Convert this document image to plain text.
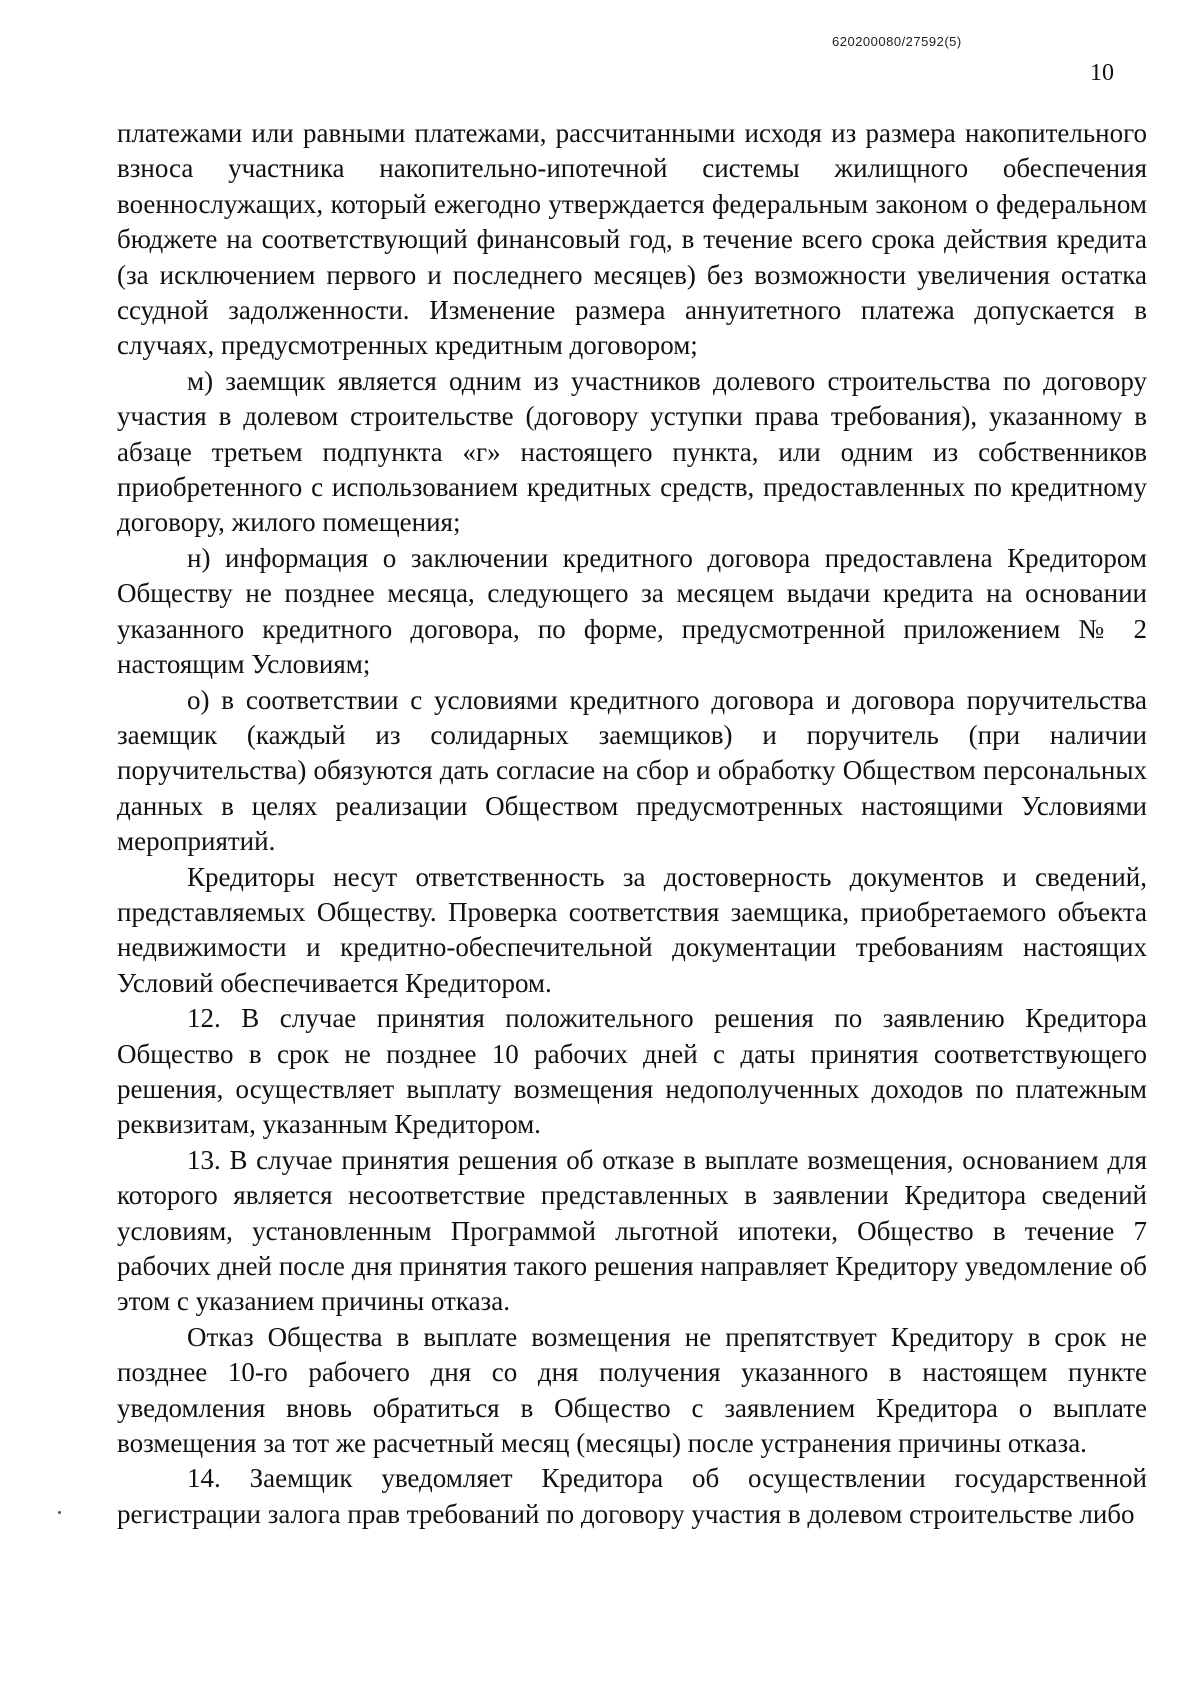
620200080/27592(5)
10

платежами или равными платежами, рассчитанными исходя из размера накопительного взноса участника накопительно-ипотечной системы жилищного обеспечения военнослужащих, который ежегодно утверждается федеральным законом о федеральном бюджете на соответствующий финансовый год, в течение всего срока действия кредита (за исключением первого и последнего месяцев) без возможности увеличения остатка ссудной задолженности. Изменение размера аннуитетного платежа допускается в случаях, предусмотренных кредитным договором;

м) заемщик является одним из участников долевого строительства по договору участия в долевом строительстве (договору уступки права требования), указанному в абзаце третьем подпункта «г» настоящего пункта, или одним из собственников приобретенного с использованием кредитных средств, предоставленных по кредитному договору, жилого помещения;

н) информация о заключении кредитного договора предоставлена Кредитором Обществу не позднее месяца, следующего за месяцем выдачи кредита на основании указанного кредитного договора, по форме, предусмотренной приложением № 2 настоящим Условиям;

о) в соответствии с условиями кредитного договора и договора поручительства заемщик (каждый из солидарных заемщиков) и поручитель (при наличии поручительства) обязуются дать согласие на сбор и обработку Обществом персональных данных в целях реализации Обществом предусмотренных настоящими Условиями мероприятий.

Кредиторы несут ответственность за достоверность документов и сведений, представляемых Обществу. Проверка соответствия заемщика, приобретаемого объекта недвижимости и кредитно-обеспечительной документации требованиям настоящих Условий обеспечивается Кредитором.

12. В случае принятия положительного решения по заявлению Кредитора Общество в срок не позднее 10 рабочих дней с даты принятия соответствующего решения, осуществляет выплату возмещения недополученных доходов по платежным реквизитам, указанным Кредитором.

13. В случае принятия решения об отказе в выплате возмещения, основанием для которого является несоответствие представленных в заявлении Кредитора сведений условиям, установленным Программой льготной ипотеки, Общество в течение 7 рабочих дней после дня принятия такого решения направляет Кредитору уведомление об этом с указанием причины отказа.

Отказ Общества в выплате возмещения не препятствует Кредитору в срок не позднее 10-го рабочего дня со дня получения указанного в настоящем пункте уведомления вновь обратиться в Общество с заявлением Кредитора о выплате возмещения за тот же расчетный месяц (месяцы) после устранения причины отказа.

14. Заемщик уведомляет Кредитора об осуществлении государственной регистрации залога прав требований по договору участия в долевом строительстве либо
